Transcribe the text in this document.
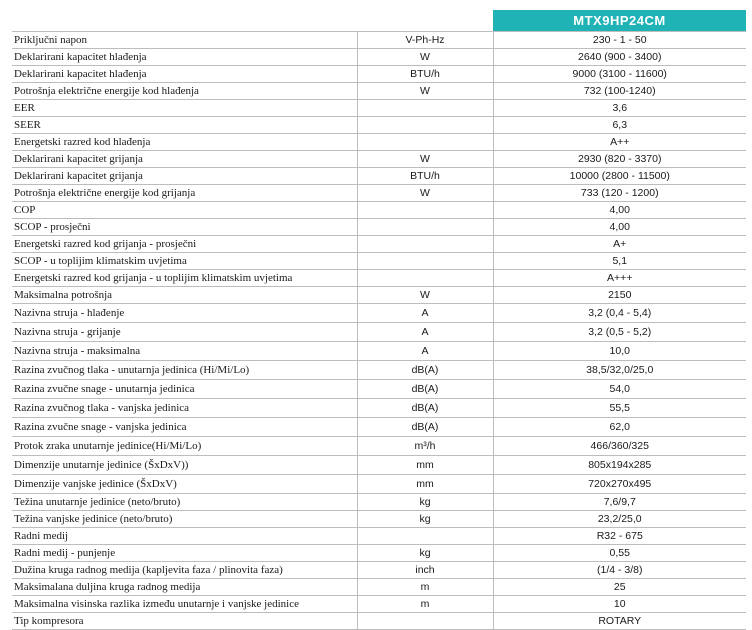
		MTX9HP24CM
Priključni napon	V-Ph-Hz	230 - 1 - 50
Deklarirani kapacitet hlađenja	W	2640 (900 - 3400)
Deklarirani kapacitet hlađenja	BTU/h	9000 (3100 - 11600)
Potrošnja električne energije kod hlađenja	W	732 (100-1240)
EER		3,6
SEER		6,3
Energetski razred kod hlađenja		A++
Deklarirani kapacitet grijanja	W	2930 (820 - 3370)
Deklarirani kapacitet grijanja	BTU/h	10000 (2800 - 11500)
Potrošnja električne energije kod grijanja	W	733 (120 - 1200)
COP		4,00
SCOP - prosječni		4,00
Energetski razred kod grijanja - prosječni		A+
SCOP - u toplijim klimatskim uvjetima		5,1
Energetski razred kod grijanja - u toplijim klimatskim uvjetima		A+++
Maksimalna potrošnja	W	2150
Nazivna struja - hlađenje	A	3,2 (0,4 - 5,4)
Nazivna struja - grijanje	A	3,2 (0,5 - 5,2)
Nazivna struja - maksimalna	A	10,0
Razina zvučnog tlaka - unutarnja jedinica (Hi/Mi/Lo)	dB(A)	38,5/32,0/25,0
Razina zvučne snage - unutarnja jedinica	dB(A)	54,0
Razina zvučnog tlaka - vanjska jedinica	dB(A)	55,5
Razina zvučne snage - vanjska jedinica	dB(A)	62,0
Protok zraka unutarnje jedinice(Hi/Mi/Lo)	m³/h	466/360/325
Dimenzije unutarnje jedinice (ŠxDxV))	mm	805x194x285
Dimenzije vanjske jedinice (ŠxDxV)	mm	720x270x495
Težina unutarnje jedinice (neto/bruto)	kg	7,6/9,7
Težina vanjske jedinice (neto/bruto)	kg	23,2/25,0
Radni medij		R32 - 675
Radni medij - punjenje	kg	0,55
Dužina kruga radnog medija (kapljevita faza / plinovita faza)	inch	(1/4 - 3/8)
Maksimalana duljina kruga radnog medija	m	25
Maksimalna visinska razlika između unutarnje i vanjske jedinice	m	10
Tip kompresora		ROTARY
